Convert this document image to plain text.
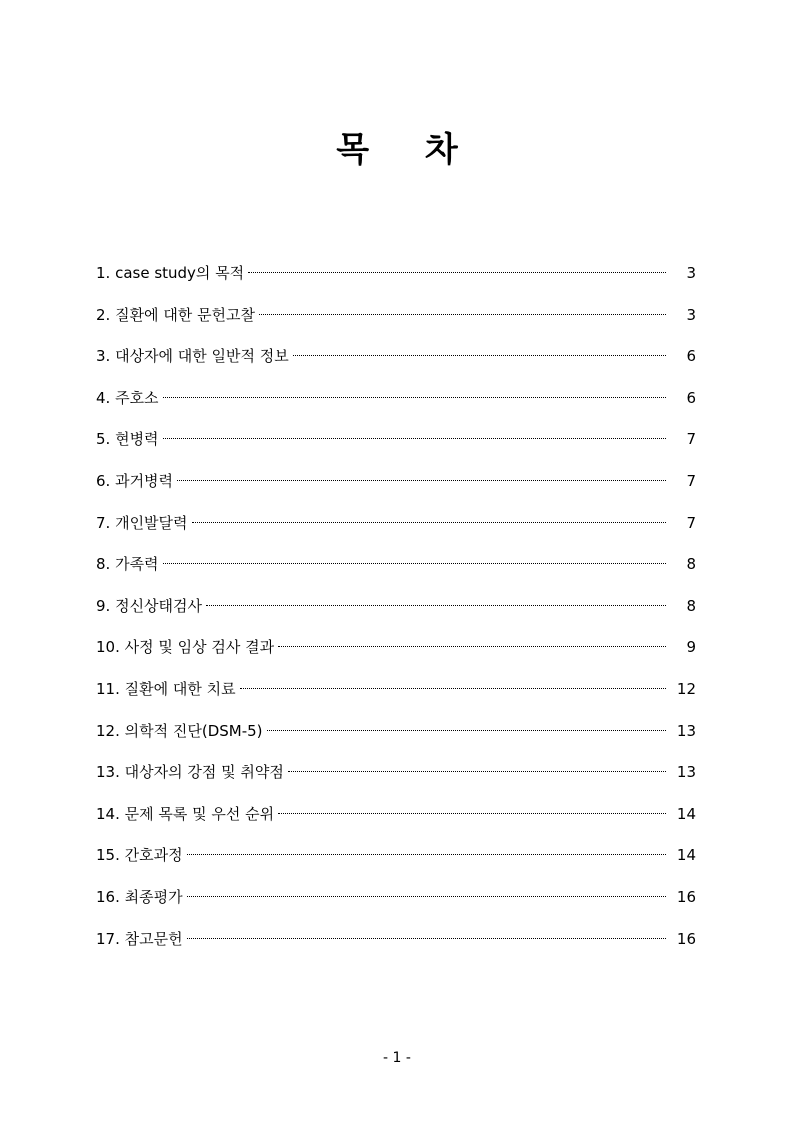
목 차
1. case study의 목적	3
2. 질환에 대한 문헌고찰	3
3. 대상자에 대한 일반적 정보	6
4. 주호소	6
5. 현병력	7
6. 과거병력	7
7. 개인발달력	7
8. 가족력	8
9. 정신상태검사	8
10. 사정 및 임상 검사 결과	9
11. 질환에 대한 치료	12
12. 의학적 진단(DSM-5)	13
13. 대상자의 강점 및 취약점	13
14. 문제 목록 및 우선 순위	14
15. 간호과정	14
16. 최종평가	16
17. 참고문헌	16
- 1 -
